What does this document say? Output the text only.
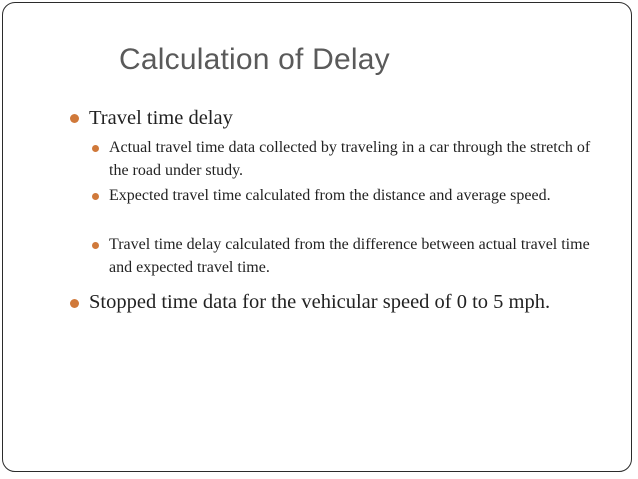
Calculation of Delay
Travel time delay
Actual travel time data collected by traveling in a car through the stretch of the road under study.
Expected travel time calculated from the distance and average speed.
Travel time delay calculated from the difference between actual travel time and expected travel time.
Stopped time data for the vehicular speed of 0 to 5 mph.
